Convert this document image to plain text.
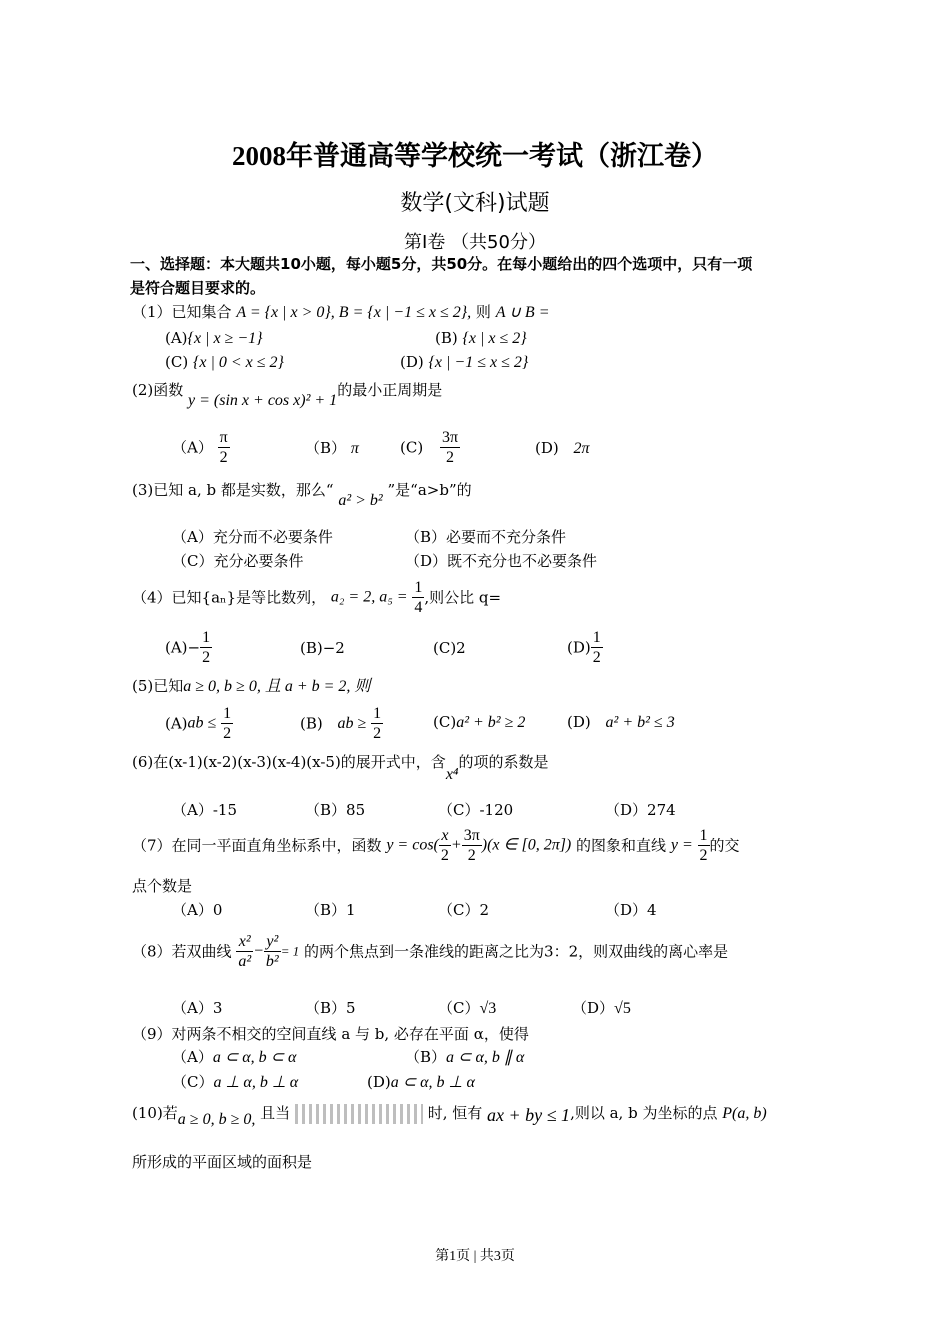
2008年普通高等学校统一考试（浙江卷）
数学(文科)试题
第Ⅰ卷 （共50分）
一、选择题：本大题共10小题，每小题5分，共50分。在每小题给出的四个选项中，只有一项
是符合题目要求的。
（1）已知集合 A = {x | x > 0}, B = {x | −1 ≤ x ≤ 2}, 则 A ∪ B =
(A){x | x ≥ −1}	(B) {x | x ≤ 2}
(C) {x | 0 < x ≤ 2}	(D) {x | −1 ≤ x ≤ 2}
(2)函数 y = (sin x + cos x)² + 1的最小正周期是
$(A) \frac{\pi}{2}$	（B） π	$(C) \frac{3\pi}{2}$	(D) 2π
(3)已知 a, b 都是实数，那么“ a² > b² ”是“a>b”的
（A）充分而不必要条件	（B）必要而不充分条件
（C）充分必要条件	（D）既不充分也不必要条件
（4）已知{aₙ}是等比数列， a₂ = 2, $a_5 = \frac{1}{4}$ ,则公比 q=
$(A)- \frac{1}{2}$	(B)−2	(C)2	$(D) \frac{1}{2}$
(5)已知a ≥ 0, b ≥ 0, 且 a + b = 2, 则
$(A)ab \le \frac{1}{2}$	(B) ab ≥ $\frac{1}{2}$	(C)a² + b² ≥ 2	(D) a² + b² ≤ 3
(6)在(x-1)(x-2)(x-3)(x-4)(x-5)的展开式中，含x⁴的项的系数是
（A）-15	（B）85	（C）-120	（D）274
（7）在同一平面直角坐标系中，函数 $y = \cos( \frac{x}{2} + \frac{3\pi}{2} )(x$ ∈ [0, 2π]) 的图象和直线 $y = \frac{1}{2}$ 的交
点个数是
（A）0	（B）1	（C）2	（D）4
（8）若双曲线 $\frac{\text{x²}}{\text{a²}} - \frac{\text{y²}}{\text{b²}} = 1$ 的两个焦点到一条准线的距离之比为3：2，则双曲线的离心率是
（A）3	（B）5	（C）√3	（D）√5
（9）对两条不相交的空间直线 a 与 b, 必存在平面 α，使得
（A）a ⊂ α, b ⊂ α	（B）a ⊂ α, b ∥ α
（C）a ⊥ α, b ⊥ α	(D)a ⊂ α, b ⊥ α
(10)若a ≥ 0, b ≥ 0, 且当	时, 恒有 ax + by ≤ 1,则以 a, b 为坐标的点 P(a, b)
所形成的平面区域的面积是
第1页 | 共3页
